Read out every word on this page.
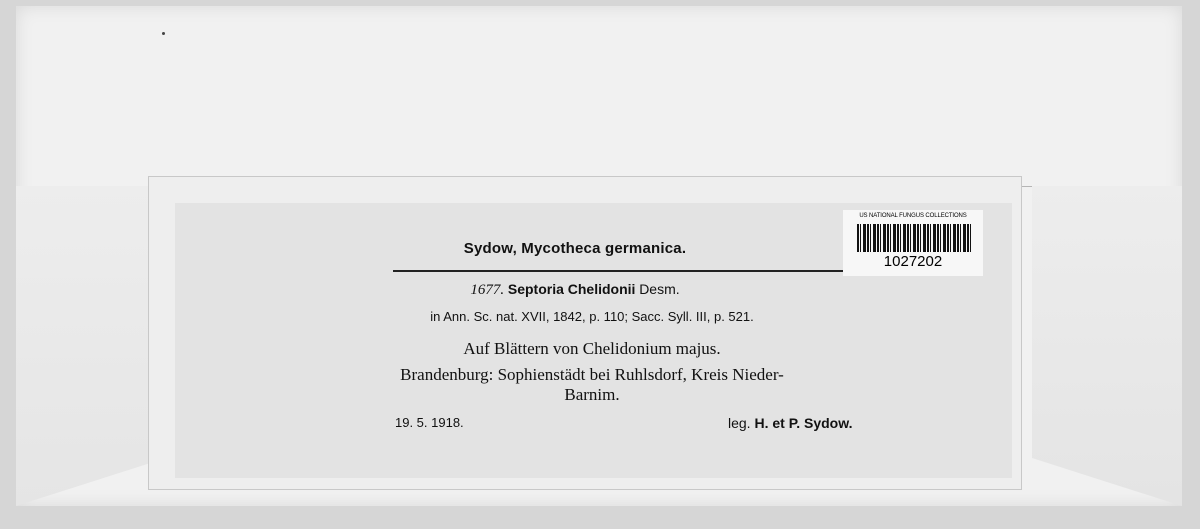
Sydow, Mycotheca germanica.
1677. Septoria Chelidonii Desm.
in Ann. Sc. nat. XVII, 1842, p. 110; Sacc. Syll. III, p. 521.
Auf Blättern von Chelidonium majus.
Brandenburg: Sophienstädt bei Ruhlsdorf, Kreis Nieder-
Barnim.
19. 5. 1918.	leg. H. et P. Sydow.
US NATIONAL FUNGUS COLLECTIONS
1027202
